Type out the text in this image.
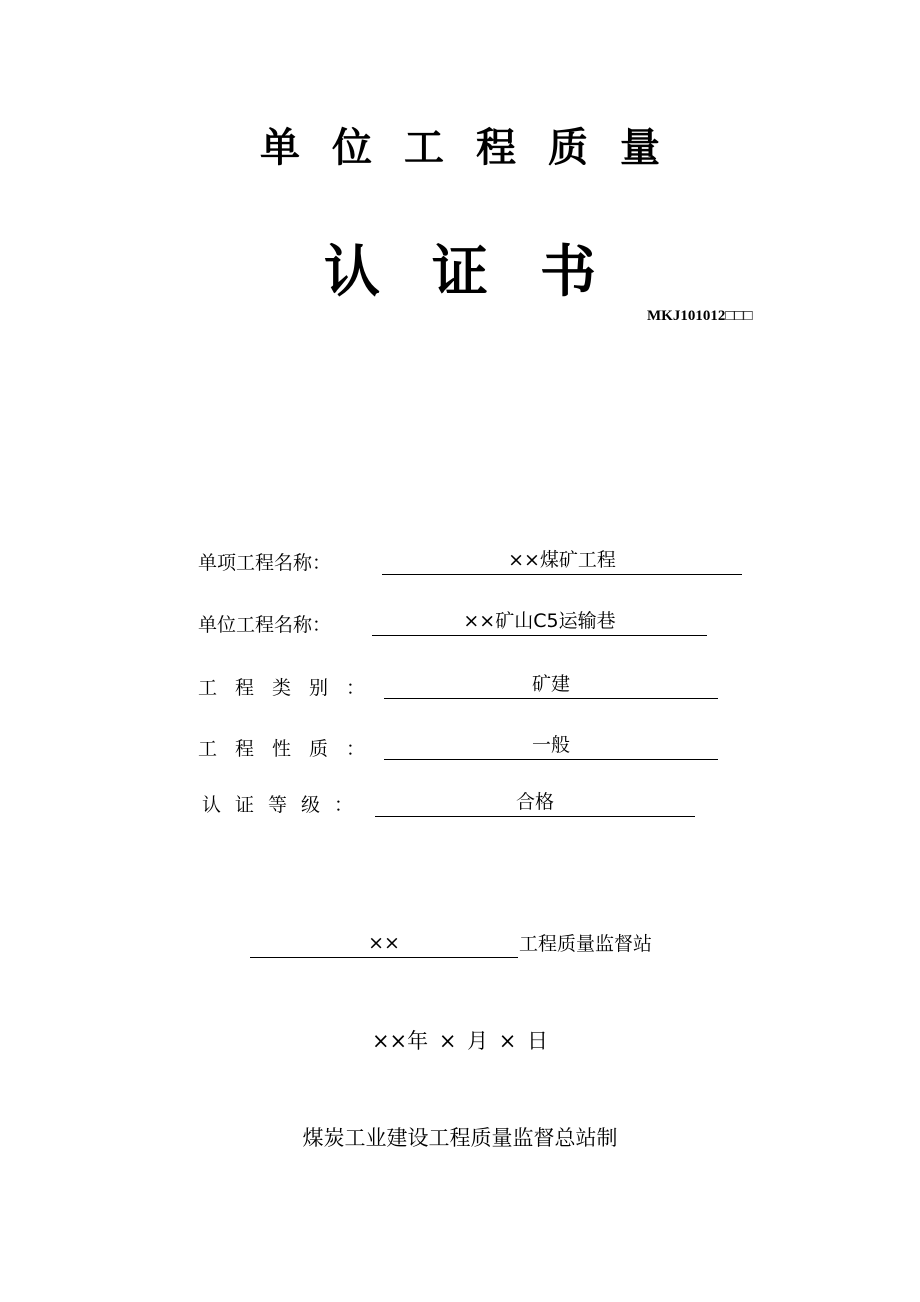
单位工程质量
认证书
MKJ101012□□□
单项工程名称：	××煤矿工程
单位工程名称：	××矿山C5运输巷
工程类别：	矿建
工程性质：	一般
认证等级：	合格
××	工程质量监督站
××年 × 月 × 日
煤炭工业建设工程质量监督总站制
